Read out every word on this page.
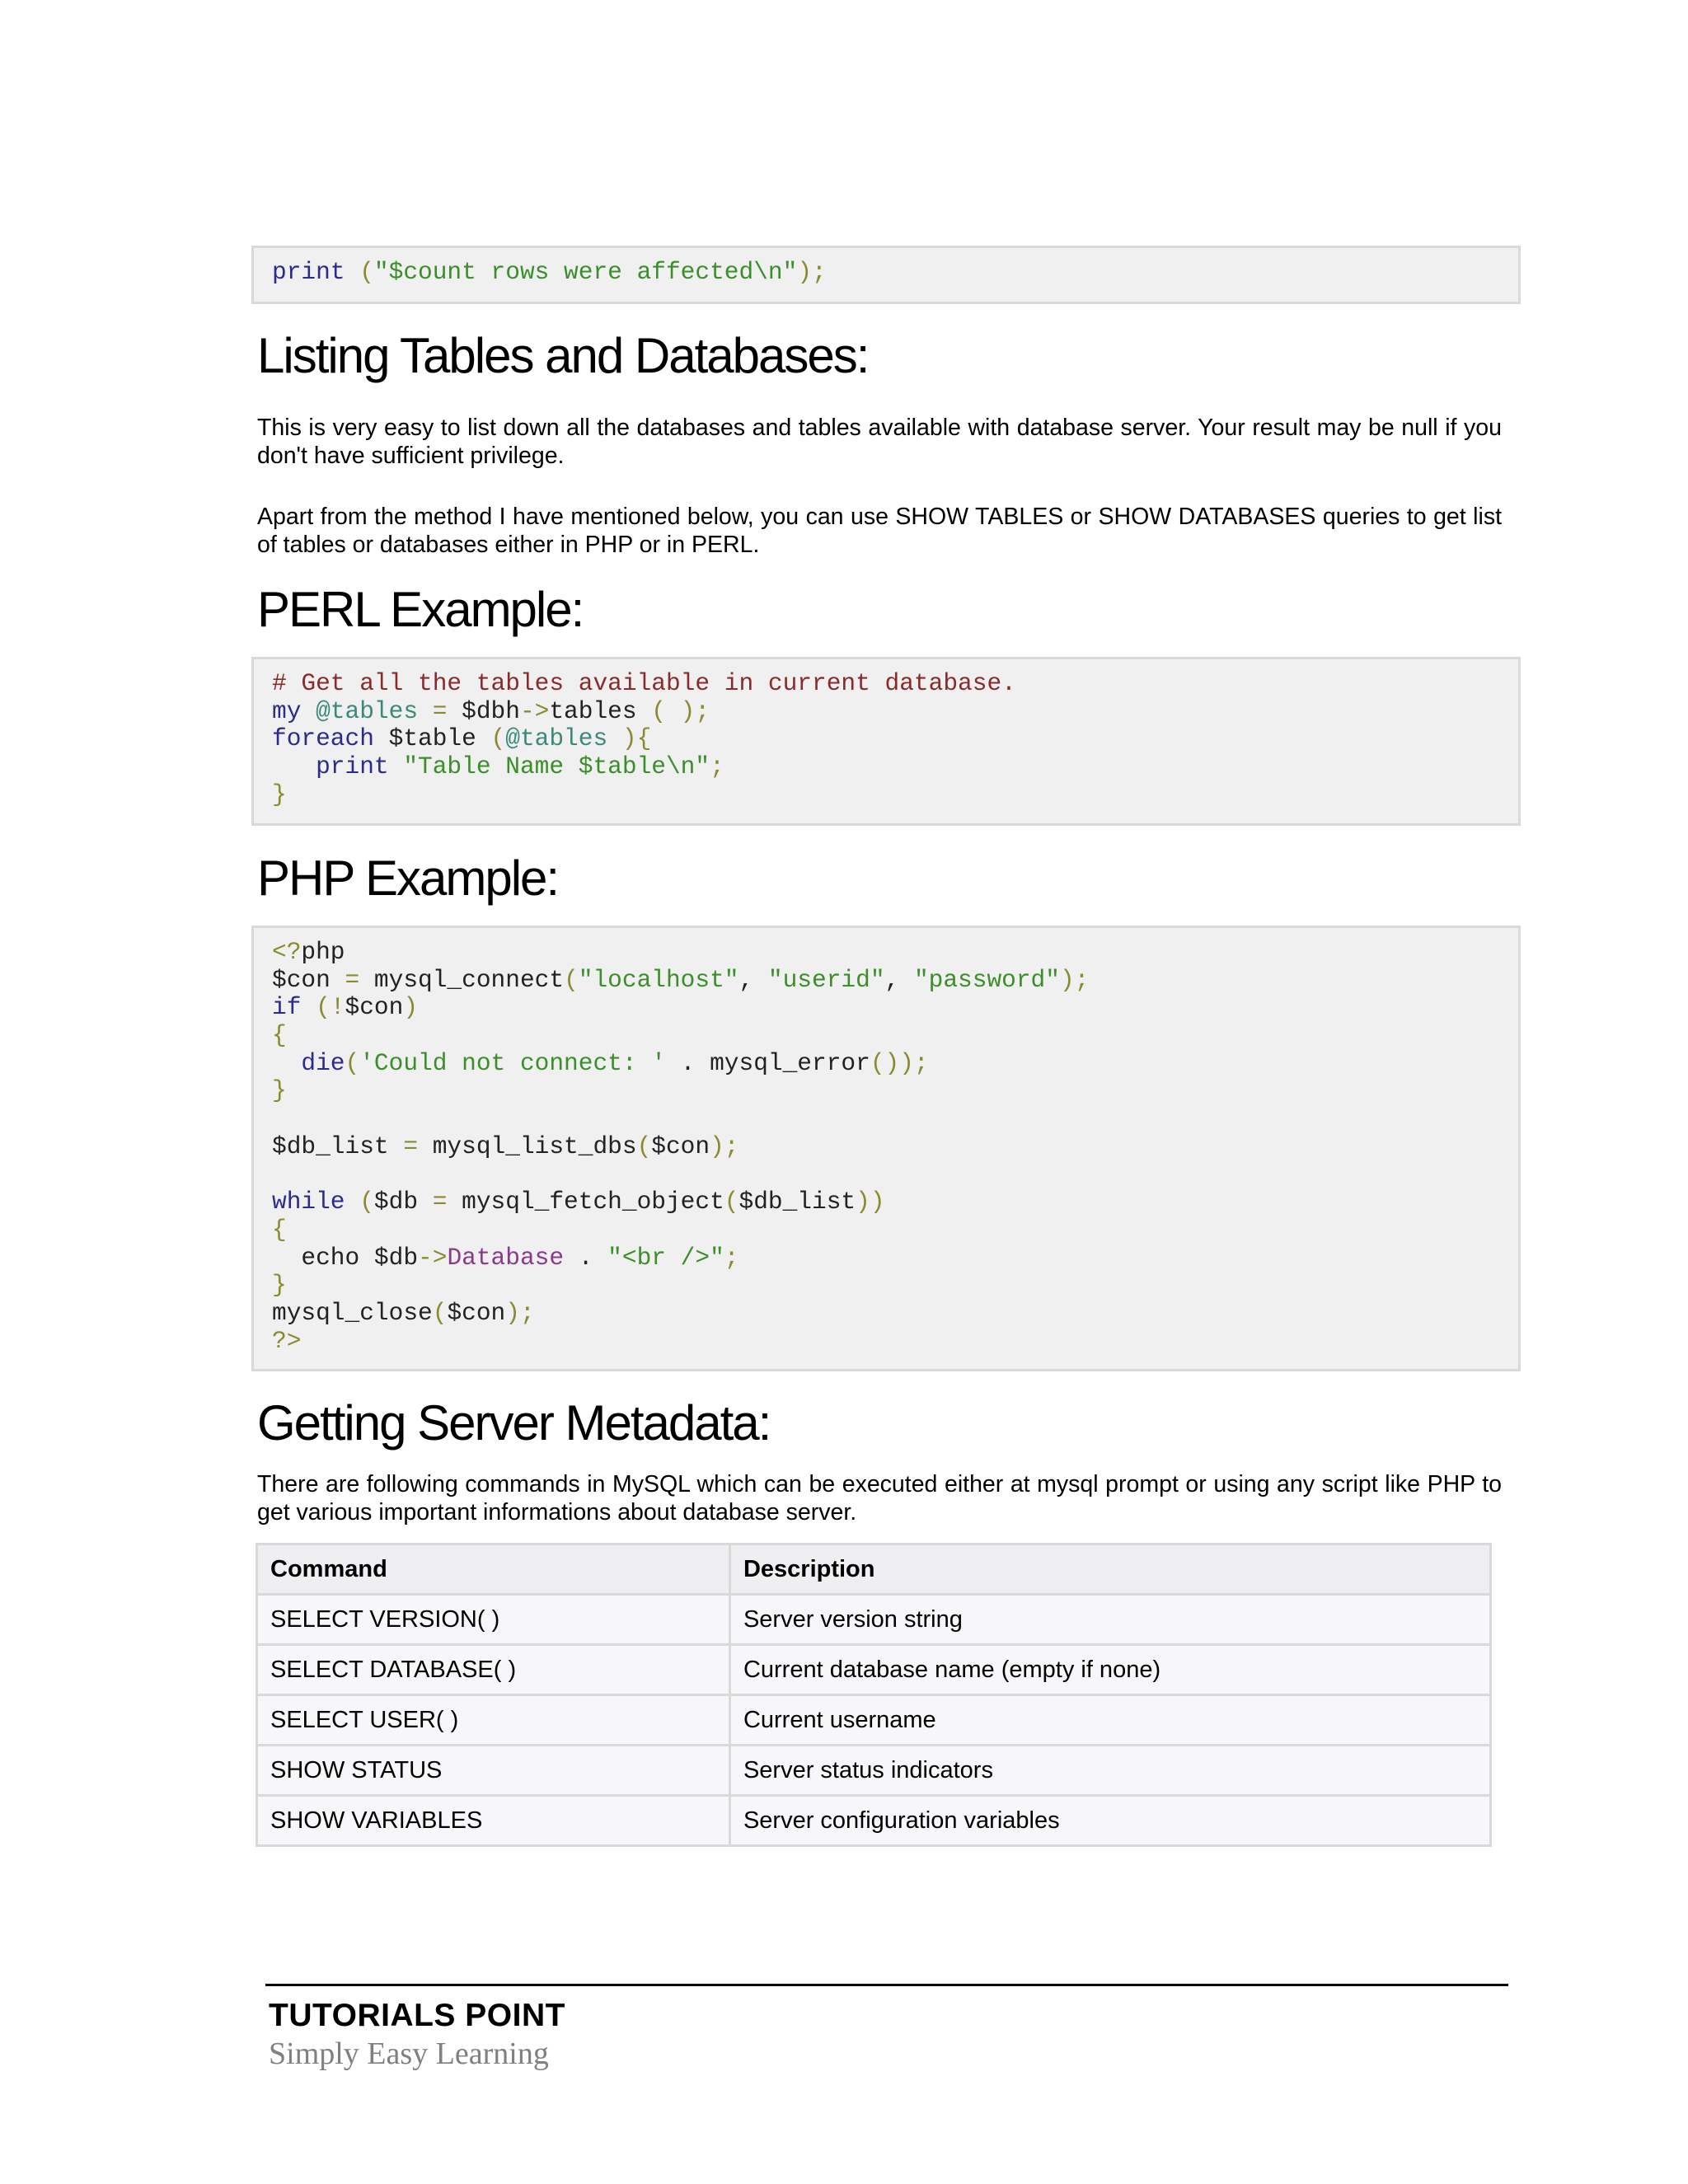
print ("$count rows were affected\n");
Listing Tables and Databases:

This is very easy to list down all the databases and tables available with database server. Your result may be null if you don't have sufficient privilege.

Apart from the method I have mentioned below, you can use SHOW TABLES or SHOW DATABASES queries to get list of tables or databases either in PHP or in PERL.

PERL Example:
# Get all the tables available in current database.
my @tables = $dbh->tables ( );
foreach $table (@tables ){
print "Table Name $table\n";
}
PHP Example:
<?php
$con = mysql_connect("localhost", "userid", "password");
if (!$con)
{
die('Could not connect: ' . mysql_error());
}
$db_list = mysql_list_dbs($con);
while ($db = mysql_fetch_object($db_list))
{
echo $db->Database . "<br />";
}
mysql_close($con);
?>
Getting Server Metadata:

There are following commands in MySQL which can be executed either at mysql prompt or using any script like PHP to get various important informations about database server.

Command	Description
SELECT VERSION( )	Server version string
SELECT DATABASE( )	Current database name (empty if none)
SELECT USER( )	Current username
SHOW STATUS	Server status indicators
SHOW VARIABLES	Server configuration variables
TUTORIALS POINT
Simply Easy Learning
